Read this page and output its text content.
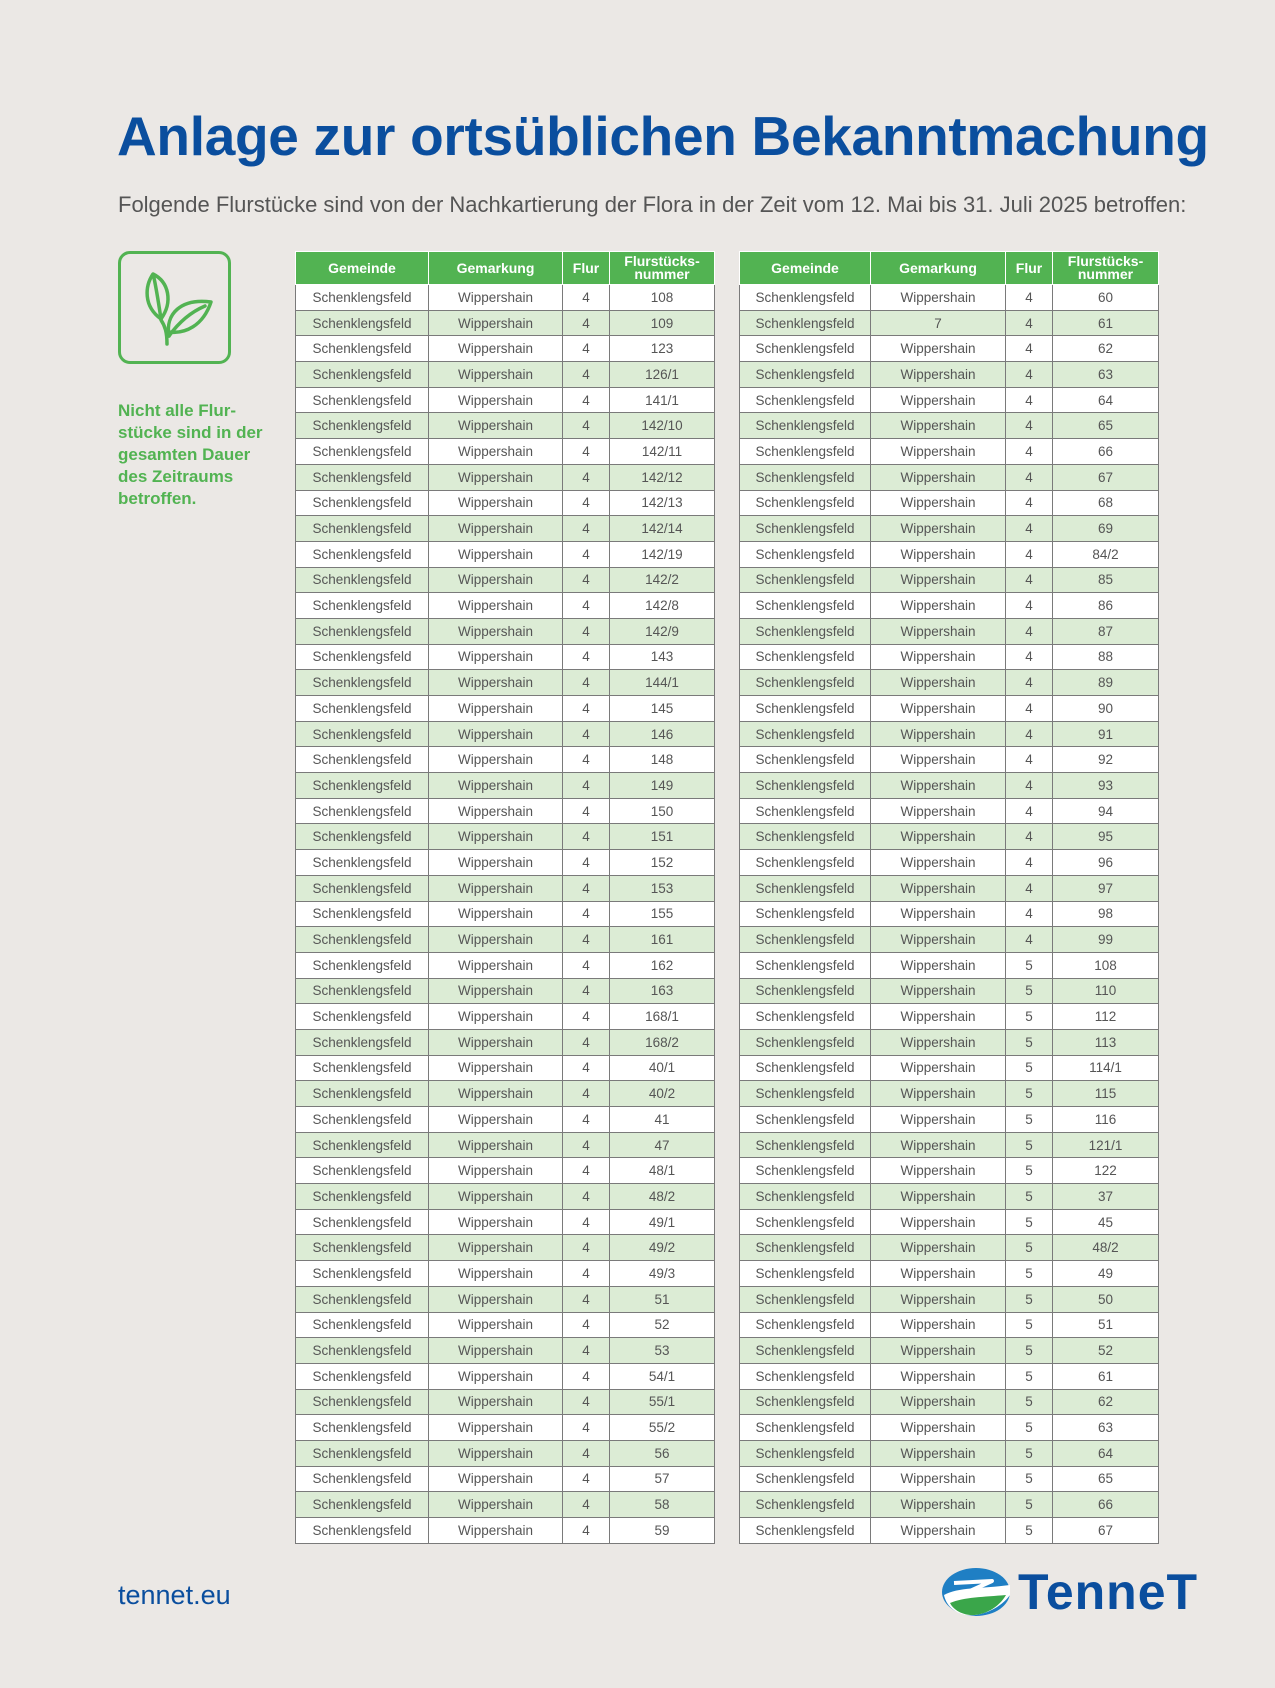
Anlage zur ortsüblichen Bekanntmachung
Folgende Flurstücke sind von der Nachkartierung der Flora in der Zeit vom 12. Mai bis 31. Juli 2025 betroffen:
Nicht alle Flur-stücke sind in der gesamten Dauer des Zeitraums betroffen.
Gemeinde	Gemarkung	Flur	Flurstücks-
nummer
Schenklengsfeld	Wippershain	4	108
Schenklengsfeld	Wippershain	4	109
Schenklengsfeld	Wippershain	4	123
Schenklengsfeld	Wippershain	4	126/1
Schenklengsfeld	Wippershain	4	141/1
Schenklengsfeld	Wippershain	4	142/10
Schenklengsfeld	Wippershain	4	142/11
Schenklengsfeld	Wippershain	4	142/12
Schenklengsfeld	Wippershain	4	142/13
Schenklengsfeld	Wippershain	4	142/14
Schenklengsfeld	Wippershain	4	142/19
Schenklengsfeld	Wippershain	4	142/2
Schenklengsfeld	Wippershain	4	142/8
Schenklengsfeld	Wippershain	4	142/9
Schenklengsfeld	Wippershain	4	143
Schenklengsfeld	Wippershain	4	144/1
Schenklengsfeld	Wippershain	4	145
Schenklengsfeld	Wippershain	4	146
Schenklengsfeld	Wippershain	4	148
Schenklengsfeld	Wippershain	4	149
Schenklengsfeld	Wippershain	4	150
Schenklengsfeld	Wippershain	4	151
Schenklengsfeld	Wippershain	4	152
Schenklengsfeld	Wippershain	4	153
Schenklengsfeld	Wippershain	4	155
Schenklengsfeld	Wippershain	4	161
Schenklengsfeld	Wippershain	4	162
Schenklengsfeld	Wippershain	4	163
Schenklengsfeld	Wippershain	4	168/1
Schenklengsfeld	Wippershain	4	168/2
Schenklengsfeld	Wippershain	4	40/1
Schenklengsfeld	Wippershain	4	40/2
Schenklengsfeld	Wippershain	4	41
Schenklengsfeld	Wippershain	4	47
Schenklengsfeld	Wippershain	4	48/1
Schenklengsfeld	Wippershain	4	48/2
Schenklengsfeld	Wippershain	4	49/1
Schenklengsfeld	Wippershain	4	49/2
Schenklengsfeld	Wippershain	4	49/3
Schenklengsfeld	Wippershain	4	51
Schenklengsfeld	Wippershain	4	52
Schenklengsfeld	Wippershain	4	53
Schenklengsfeld	Wippershain	4	54/1
Schenklengsfeld	Wippershain	4	55/1
Schenklengsfeld	Wippershain	4	55/2
Schenklengsfeld	Wippershain	4	56
Schenklengsfeld	Wippershain	4	57
Schenklengsfeld	Wippershain	4	58
Schenklengsfeld	Wippershain	4	59
Gemeinde	Gemarkung	Flur	Flurstücks-
nummer
Schenklengsfeld	Wippershain	4	60
Schenklengsfeld	7	4	61
Schenklengsfeld	Wippershain	4	62
Schenklengsfeld	Wippershain	4	63
Schenklengsfeld	Wippershain	4	64
Schenklengsfeld	Wippershain	4	65
Schenklengsfeld	Wippershain	4	66
Schenklengsfeld	Wippershain	4	67
Schenklengsfeld	Wippershain	4	68
Schenklengsfeld	Wippershain	4	69
Schenklengsfeld	Wippershain	4	84/2
Schenklengsfeld	Wippershain	4	85
Schenklengsfeld	Wippershain	4	86
Schenklengsfeld	Wippershain	4	87
Schenklengsfeld	Wippershain	4	88
Schenklengsfeld	Wippershain	4	89
Schenklengsfeld	Wippershain	4	90
Schenklengsfeld	Wippershain	4	91
Schenklengsfeld	Wippershain	4	92
Schenklengsfeld	Wippershain	4	93
Schenklengsfeld	Wippershain	4	94
Schenklengsfeld	Wippershain	4	95
Schenklengsfeld	Wippershain	4	96
Schenklengsfeld	Wippershain	4	97
Schenklengsfeld	Wippershain	4	98
Schenklengsfeld	Wippershain	4	99
Schenklengsfeld	Wippershain	5	108
Schenklengsfeld	Wippershain	5	110
Schenklengsfeld	Wippershain	5	112
Schenklengsfeld	Wippershain	5	113
Schenklengsfeld	Wippershain	5	114/1
Schenklengsfeld	Wippershain	5	115
Schenklengsfeld	Wippershain	5	116
Schenklengsfeld	Wippershain	5	121/1
Schenklengsfeld	Wippershain	5	122
Schenklengsfeld	Wippershain	5	37
Schenklengsfeld	Wippershain	5	45
Schenklengsfeld	Wippershain	5	48/2
Schenklengsfeld	Wippershain	5	49
Schenklengsfeld	Wippershain	5	50
Schenklengsfeld	Wippershain	5	51
Schenklengsfeld	Wippershain	5	52
Schenklengsfeld	Wippershain	5	61
Schenklengsfeld	Wippershain	5	62
Schenklengsfeld	Wippershain	5	63
Schenklengsfeld	Wippershain	5	64
Schenklengsfeld	Wippershain	5	65
Schenklengsfeld	Wippershain	5	66
Schenklengsfeld	Wippershain	5	67
tennet.eu	TenneT
